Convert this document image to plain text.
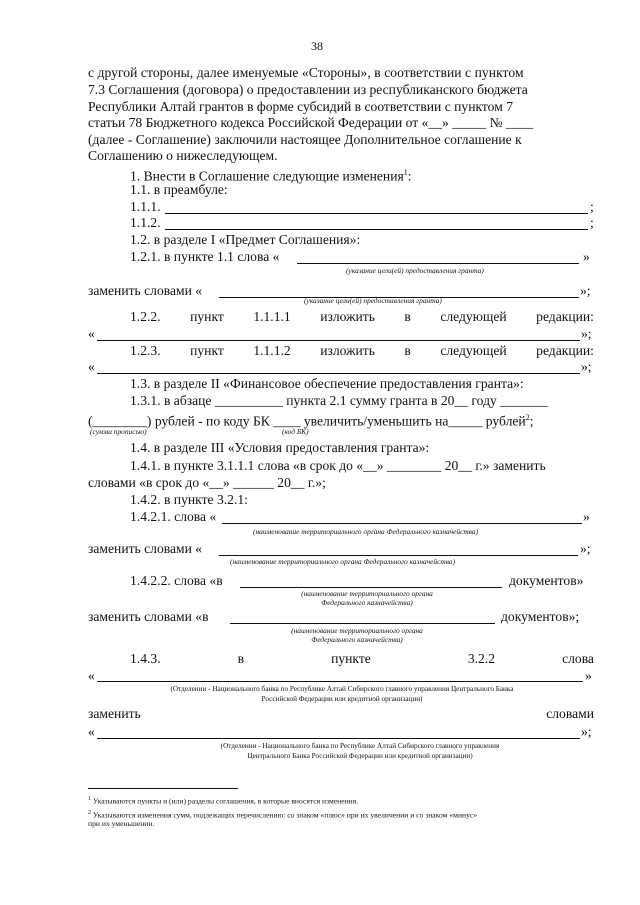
38
с другой стороны, далее именуемые «Стороны», в соответствии с пунктом
7.3 Соглашения (договора) о предоставлении из республиканского бюджета
Республики Алтай грантов в форме субсидий в соответствии с пунктом 7
статьи 78 Бюджетного кодекса Российской Федерации от «__» _____ № ____
(далее - Соглашение) заключили настоящее Дополнительное соглашение к
Соглашению о нижеследующем.
1. Внести в Соглашение следующие изменения$^1$:
1.1. в преамбуле:
1.1.1.	;
1.1.2.	;
1.2. в разделе I «Предмет Соглашения»:
1.2.1. в пункте 1.1 слова «	»
(указание цели(ей) предоставления гранта)
заменить словами «	»;
(указание цели(ей) предоставления гранта)
1.2.2. пункт 1.1.1.1 изложить в следующей редакции:
«	»;
1.2.3. пункт 1.1.1.2 изложить в следующей редакции:
«	»;
1.3. в разделе II «Финансовое обеспечение предоставления гранта»:
1.3.1. в абзаце __________ пункта 2.1 сумму гранта в 20__ году _______
(________) рублей - по коду БК ____ увеличить/уменьшить на_____ рублей$^2$;
(сумма прописью)	(код БК)
1.4. в разделе III «Условия предоставления гранта»:
1.4.1. в пункте 3.1.1.1 слова «в срок до «__» ________ 20__ г.» заменить
словами «в срок до «__» ______ 20__ г.»;
1.4.2. в пункте 3.2.1:
1.4.2.1. слова «	»
(наименование территориального органа Федерального казначейства)
заменить словами «	»;
(наименование территориального органа Федерального казначейства)
1.4.2.2. слова «в	документов»
(наименование территориального органа
Федерального казначейства)
заменить словами «в	документов»;
(наименование территориального органа
Федерального казначейства)
1.4.3.	в	пункте	3.2.2	слова
«	»
(Отделении - Национального банка по Республике Алтай Сибирского главного управления Центрального Банка
Российской Федерации или кредитной организации)
заменить	словами
«	»;
(Отделении - Национального банка по Республике Алтай Сибирского главного управления
Центрального Банка Российской Федерации или кредитной организации)
$^1$ Указываются пункты и (или) разделы соглашения, в которые вносятся изменения.
$^2$ Указываются изменения сумм, подлежащих перечислению: со знаком «плюс» при их увеличении и со знаком «минус»
при их уменьшении.
